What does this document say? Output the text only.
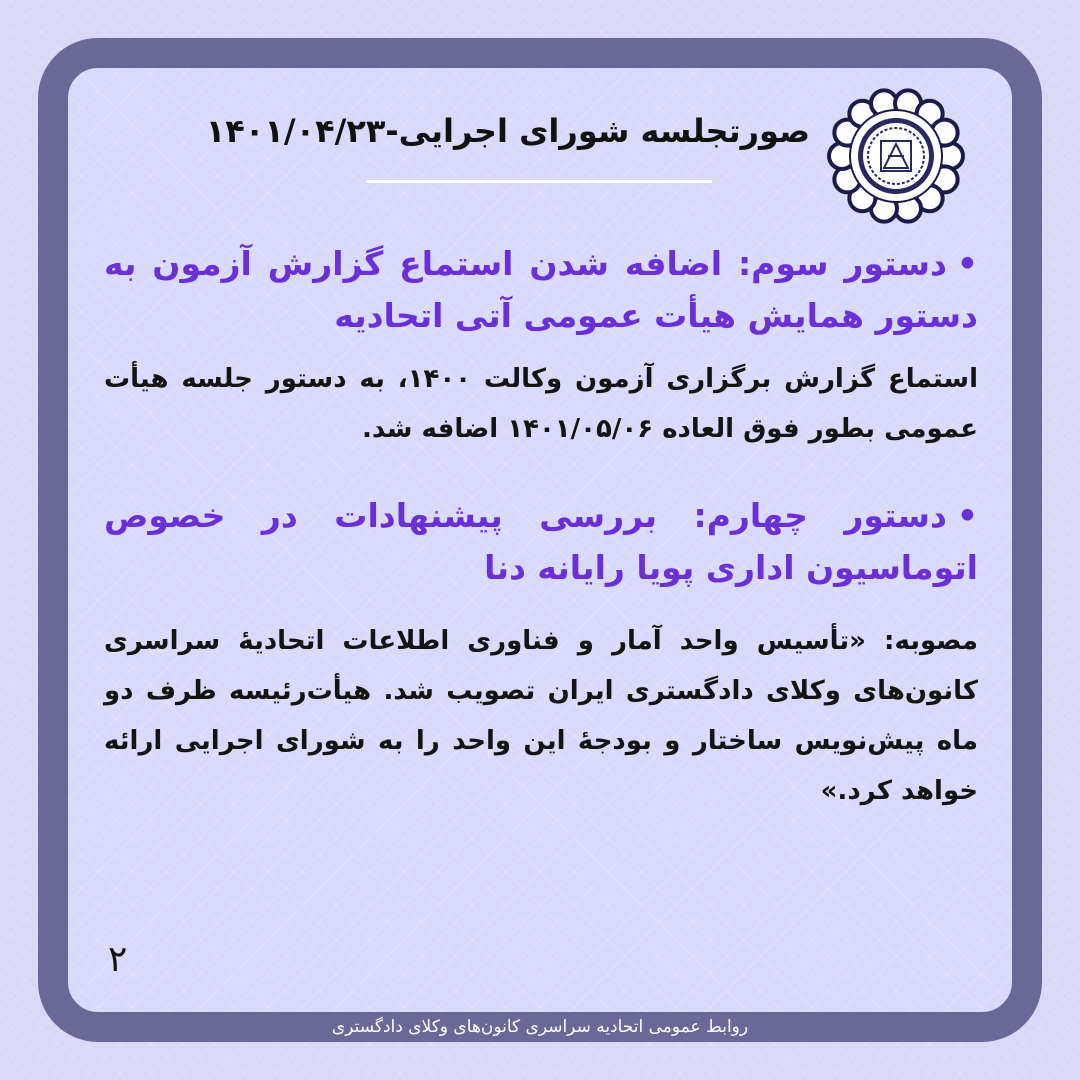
صورتجلسه شورای اجرایی-۱۴۰۱/۰۴/۲۳

•دستور سوم: اضافه شدن استماع گزارش آزمون به دستور همایش هیأت عمومی آتی اتحادیه

استماع گزارش برگزاری آزمون وکالت ۱۴۰۰، به دستور جلسه هیأت عمومی بطور فوق العاده ۱۴۰۱/۰۵/۰۶ اضافه شد.

•دستور چهارم: بررسی پیشنهادات در خصوص اتوماسیون اداری پویا رایانه دنا

مصوبه: «تأسیس واحد آمار و فناوری اطلاعات اتحادیهٔ سراسری کانون‌های وکلای دادگستری ایران تصویب شد. هیأت‌رئیسه ظرف دو ماه پیش‌نویس ساختار و بودجهٔ این واحد را به شورای اجرایی ارائه خواهد کرد.»

۲
روابط عمومی اتحادیه سراسری کانون‌های وکلای دادگستری
